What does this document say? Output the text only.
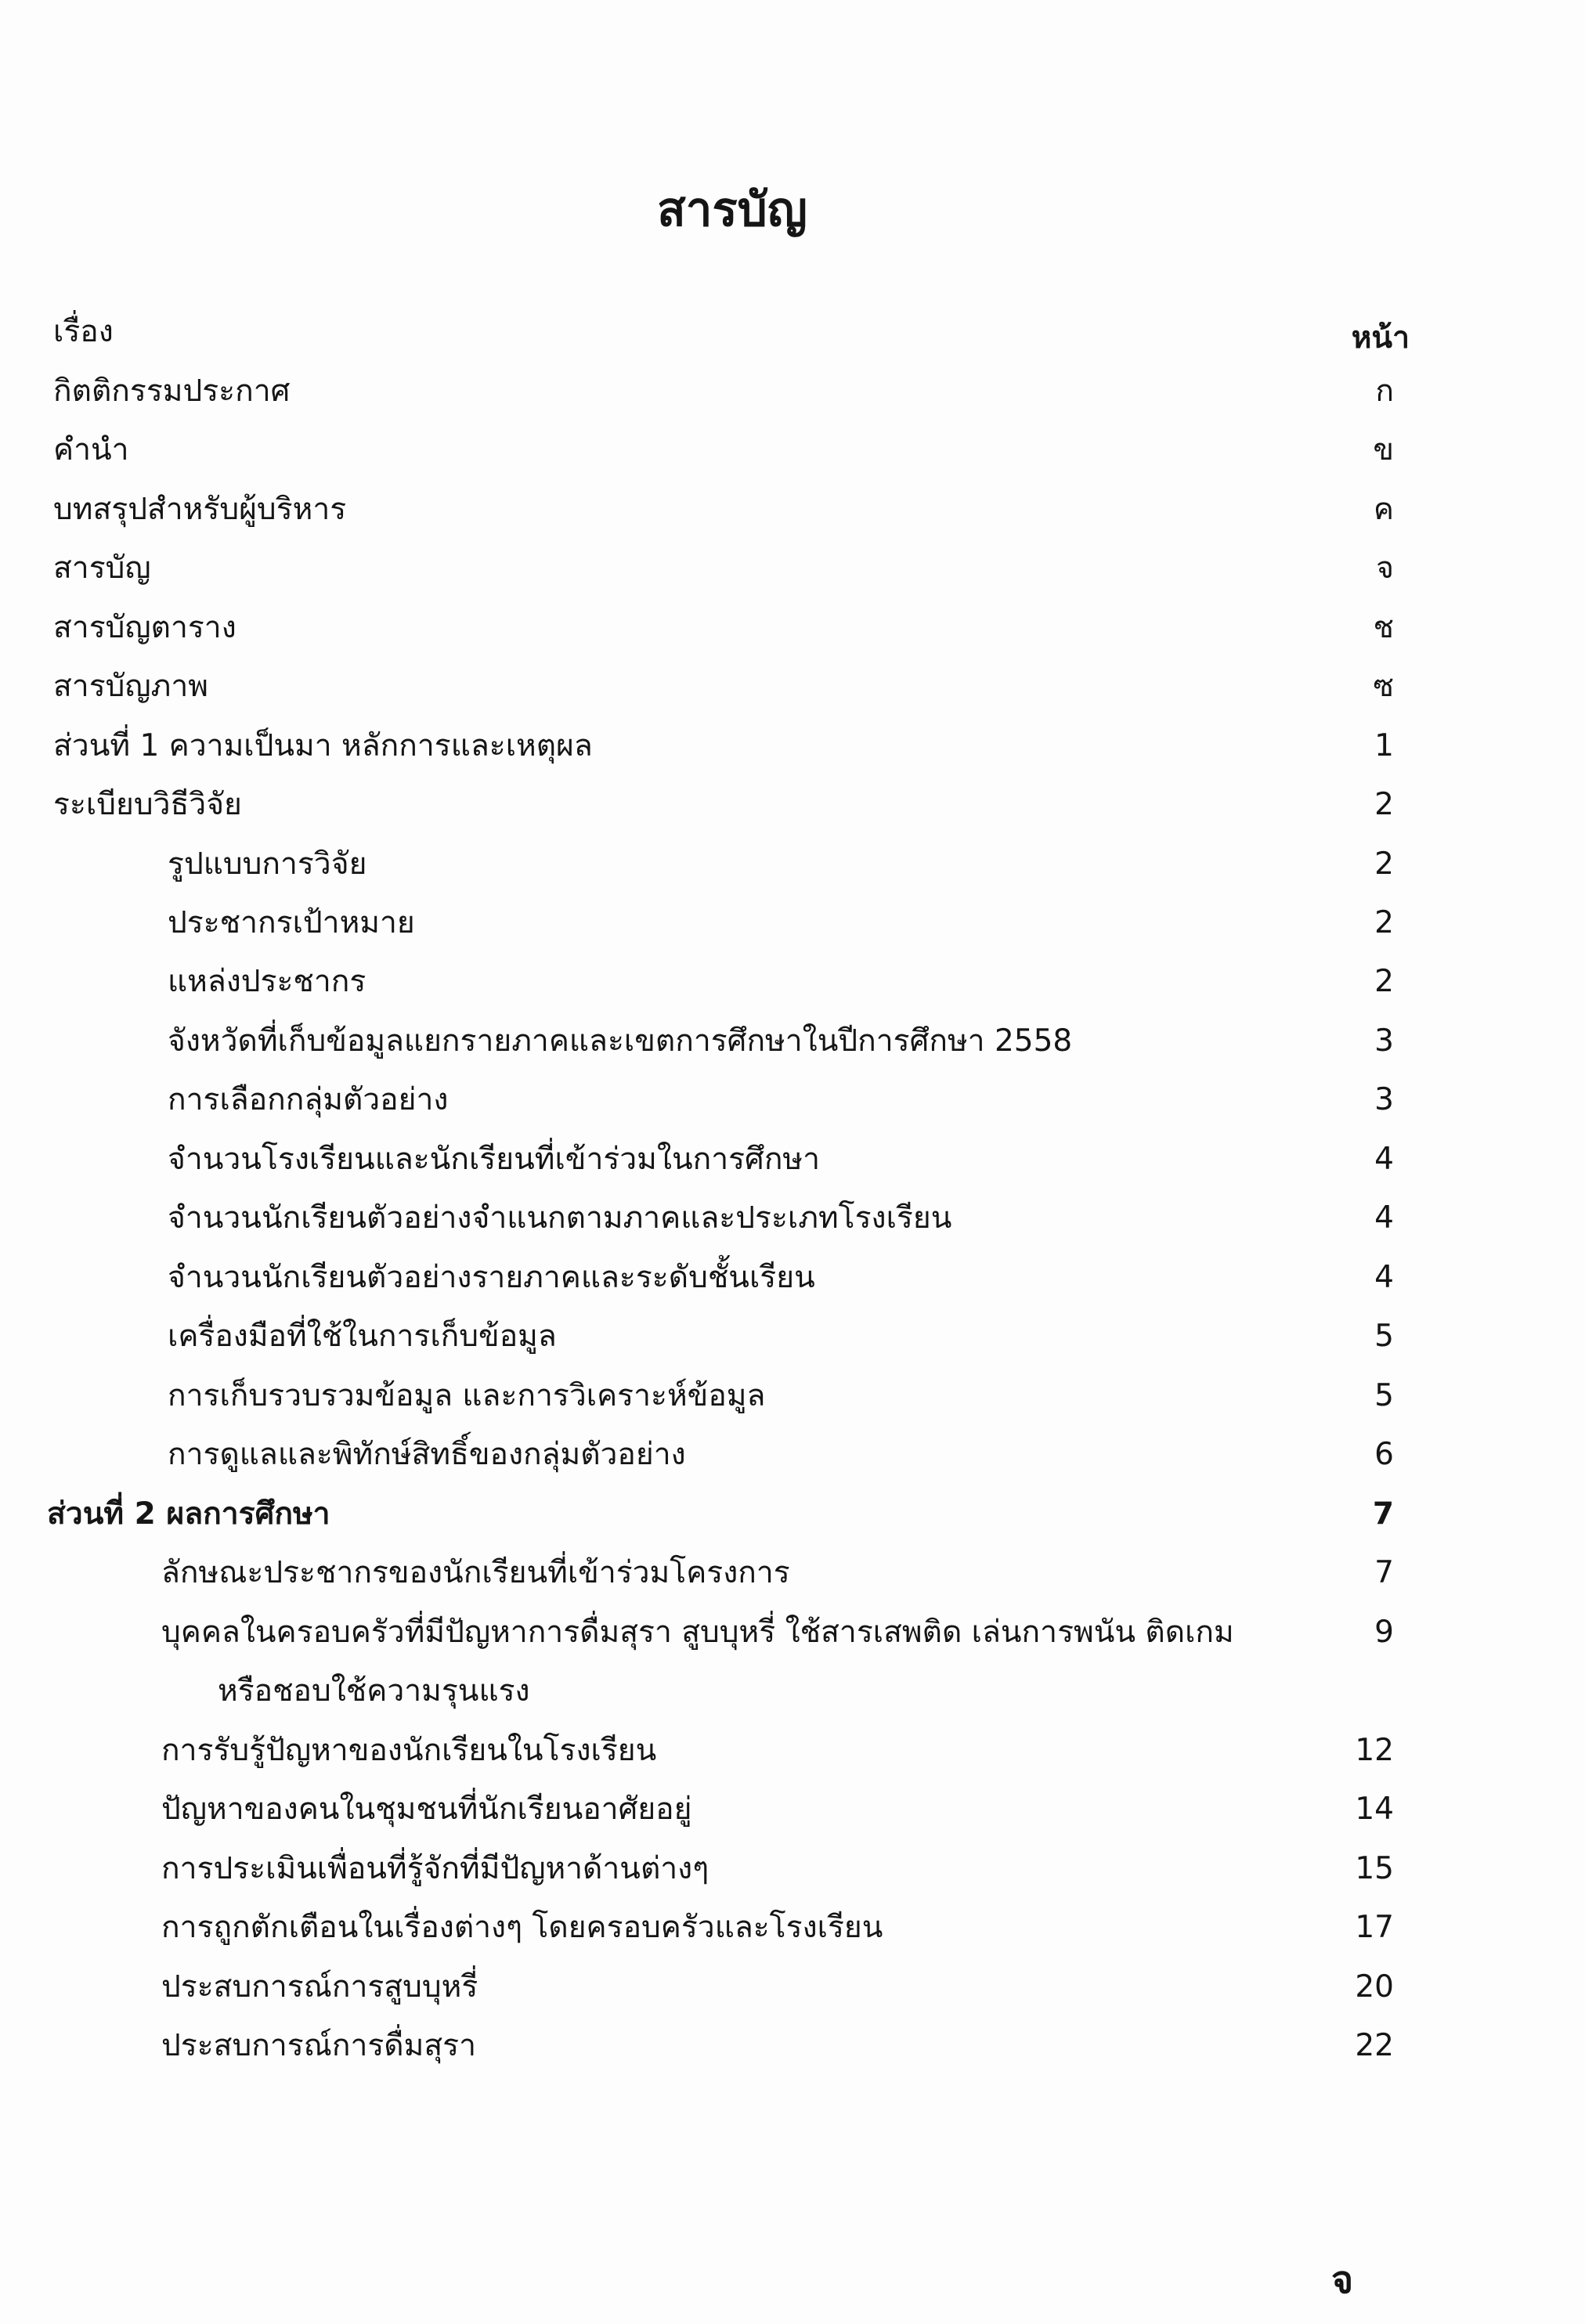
สารบัญ
เรื่อง	หน้า
กิตติกรรมประกาศ	ก
คำนำ	ข
บทสรุปสำหรับผู้บริหาร	ค
สารบัญ	จ
สารบัญตาราง	ช
สารบัญภาพ	ซ
ส่วนที่ 1 ความเป็นมา หลักการและเหตุผล	1
ระเบียบวิธีวิจัย	2
รูปแบบการวิจัย	2
ประชากรเป้าหมาย	2
แหล่งประชากร	2
จังหวัดที่เก็บข้อมูลแยกรายภาคและเขตการศึกษาในปีการศึกษา 2558	3
การเลือกกลุ่มตัวอย่าง	3
จำนวนโรงเรียนและนักเรียนที่เข้าร่วมในการศึกษา	4
จำนวนนักเรียนตัวอย่างจำแนกตามภาคและประเภทโรงเรียน	4
จำนวนนักเรียนตัวอย่างรายภาคและระดับชั้นเรียน	4
เครื่องมือที่ใช้ในการเก็บข้อมูล	5
การเก็บรวบรวมข้อมูล และการวิเคราะห์ข้อมูล	5
การดูแลและพิทักษ์สิทธิ์ของกลุ่มตัวอย่าง	6
ส่วนที่ 2 ผลการศึกษา	7
ลักษณะประชากรของนักเรียนที่เข้าร่วมโครงการ	7
บุคคลในครอบครัวที่มีปัญหาการดื่มสุรา สูบบุหรี่ ใช้สารเสพติด เล่นการพนัน ติดเกม	9
หรือชอบใช้ความรุนแรง
การรับรู้ปัญหาของนักเรียนในโรงเรียน	12
ปัญหาของคนในชุมชนที่นักเรียนอาศัยอยู่	14
การประเมินเพื่อนที่รู้จักที่มีปัญหาด้านต่างๆ	15
การถูกตักเตือนในเรื่องต่างๆ โดยครอบครัวและโรงเรียน	17
ประสบการณ์การสูบบุหรี่	20
ประสบการณ์การดื่มสุรา	22
จ
